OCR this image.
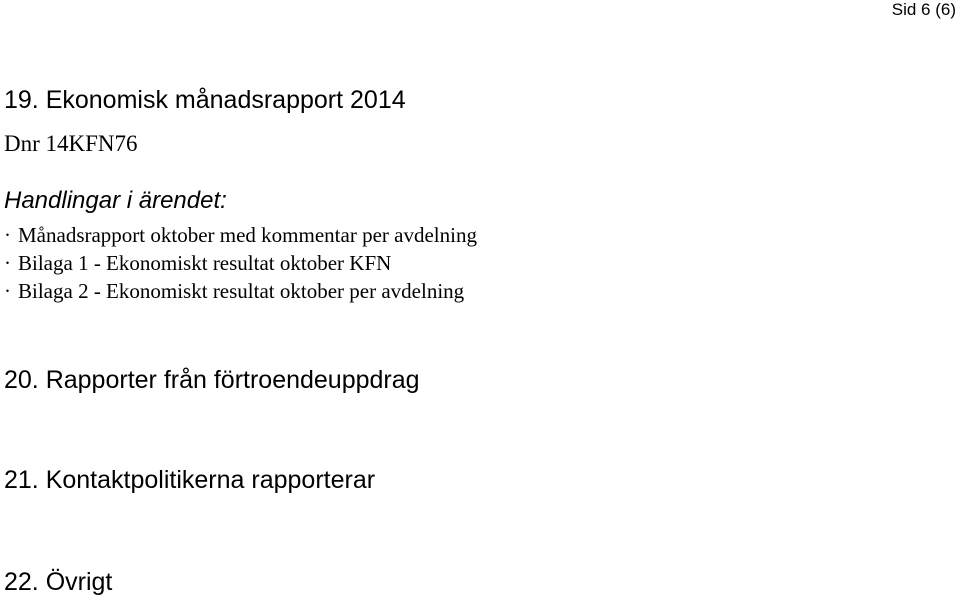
Sid 6 (6)
19. Ekonomisk månadsrapport 2014
Dnr 14KFN76
Handlingar i ärendet:
· Månadsrapport oktober med kommentar per avdelning
· Bilaga 1 - Ekonomiskt resultat oktober KFN
· Bilaga 2 - Ekonomiskt resultat oktober per avdelning
20. Rapporter från förtroendeuppdrag
21. Kontaktpolitikerna rapporterar
22. Övrigt
